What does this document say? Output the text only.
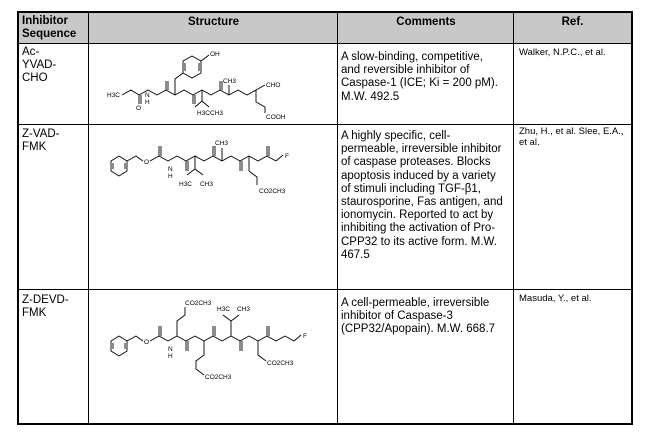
Inhibitor Sequence
Structure	Comments	Ref.
Ac-YVAD-CHO
A slow-binding, competitive, and reversible inhibitor of Caspase-1 (ICE; Ki = 200 pM). M.W. 492.5
Walker, N.P.C., et al.
H3C
OH
N
H
O
H3C CH3
CH3
CHO
COOH
Z-VAD-FMK
A highly specific, cell-permeable, irreversible inhibitor of caspase proteases. Blocks apoptosis induced by a variety of stimuli including TGF-β1, staurosporine, Fas antigen, and ionomycin. Reported to act by inhibiting the activation of Pro-CPP32 to its active form. M.W. 467.5
Zhu, H., et al. Slee, E.A., et al.
O
N
H
H3C CH3
CH3
F
CO2CH3
Z-DEVD-FMK
A cell-permeable, irreversible inhibitor of Caspase-3 (CPP32/Apopain). M.W. 668.7
Masuda, Y., et al.
O
N
H
CO2CH3
CO2CH3
H3C CH3
F
CO2CH3
